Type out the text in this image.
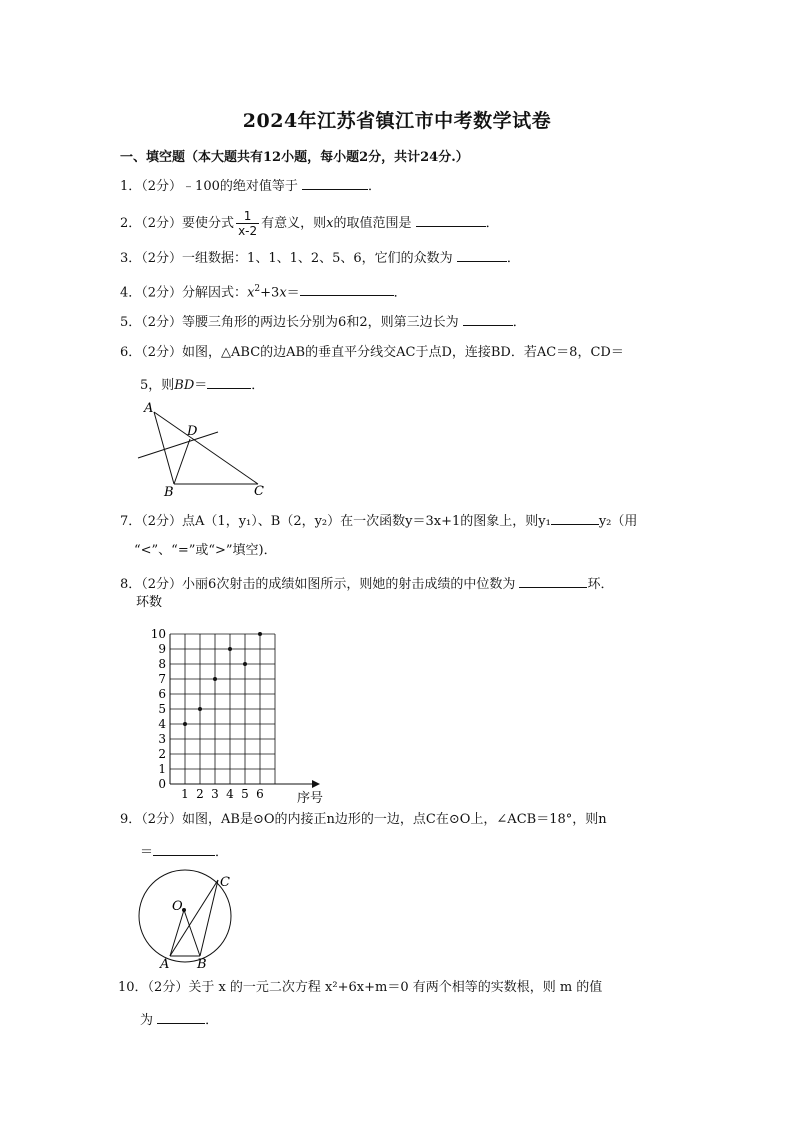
2024年江苏省镇江市中考数学试卷
一、填空题（本大题共有12小题，每小题2分，共计24分.）
1．（2分）﹣100的绝对值等于	．
2．（2分）要使分式 $\frac{1}{x-2}$ 有意义，则x的取值范围是	．
3．（2分）一组数据：1、1、1、2、5、6，它们的众数为	．
4．（2分）分解因式：$x^2+3x=$	．
5．（2分）等腰三角形的两边长分别为6和2，则第三边长为	．
6．（2分）如图，△ABC的边AB的垂直平分线交AC于点D，连接BD．若AC＝8，CD＝
5，则BD＝	．
A
D
B	C
7．（2分）点A（1，y₁）、B（2，y₂）在一次函数y＝3x+1的图象上，则y₁	y₂（用
“<”、“=”或“>”填空)．
8．（2分）小丽6次射击的成绩如图所示，则她的射击成绩的中位数为	环．
0
1
2
3
4
5
6
7
8
9
10
1 2 3 4 5 6
环数
序号
9．（2分）如图，AB是⊙O的内接正n边形的一边，点C在⊙O上，∠ACB＝18°，则n
＝	．
O
A B
C
10．（2分）关于 x 的一元二次方程 x²+6x+m＝0 有两个相等的实数根，则 m 的值
为	．
